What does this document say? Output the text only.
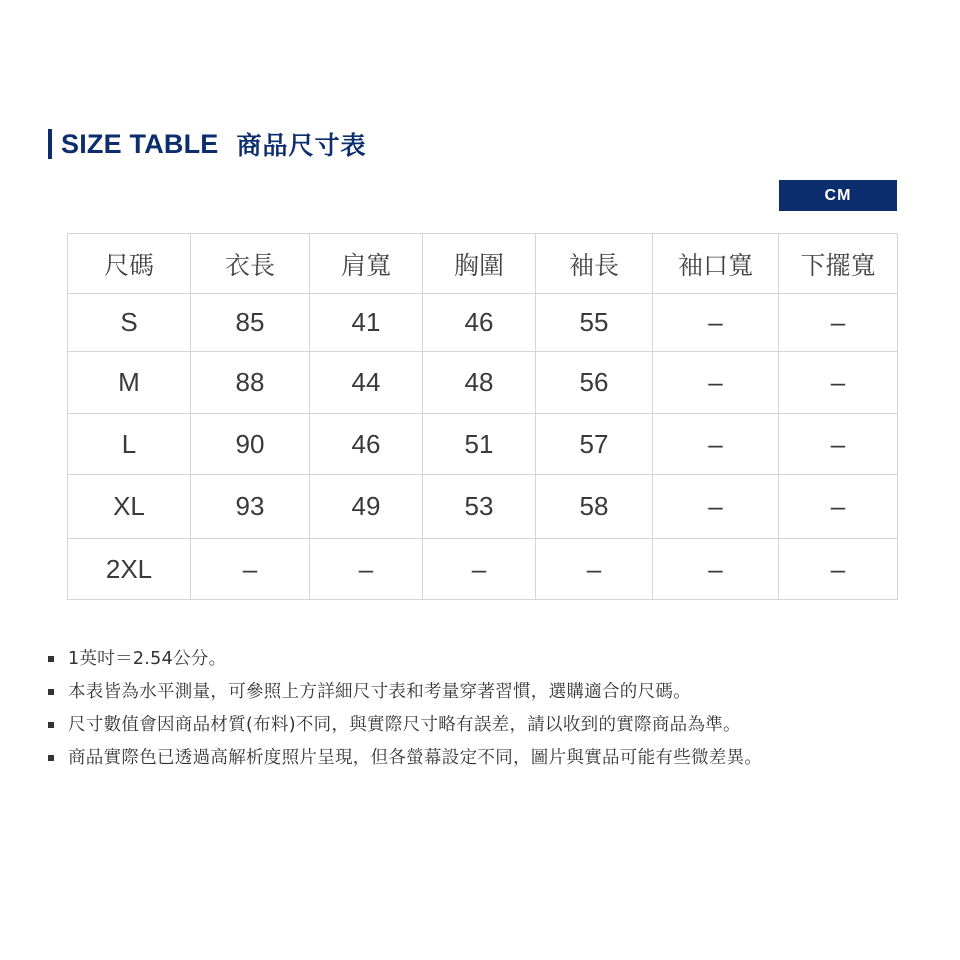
SIZE TABLE 商品尺寸表
CM
尺碼	衣長	肩寬	胸圍	袖長	袖口寬	下擺寬
S	85	41	46	55	–	–
M	88	44	48	56	–	–
L	90	46	51	57	–	–
XL	93	49	53	58	–	–
2XL	–	–	–	–	–	–
1英吋＝2.54公分。
本表皆為水平測量，可參照上方詳細尺寸表和考量穿著習慣，選購適合的尺碼。
尺寸數值會因商品材質(布料)不同，與實際尺寸略有誤差，請以收到的實際商品為準。
商品實際色已透過高解析度照片呈現，但各螢幕設定不同，圖片與實品可能有些微差異。
